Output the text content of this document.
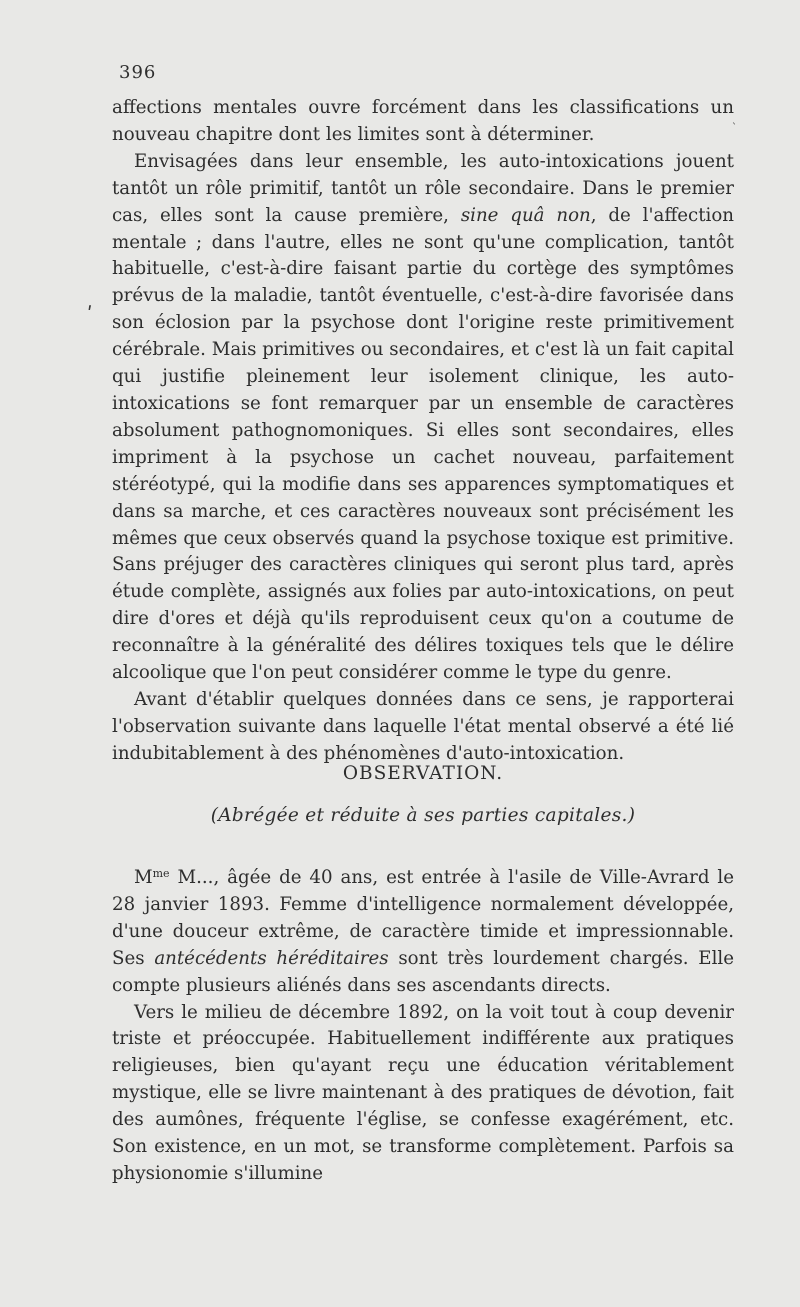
396
ˋ
ʹ

affections mentales ouvre forcément dans les classifications un nouveau chapitre dont les limites sont à déterminer.

Envisagées dans leur ensemble, les auto-intoxications jouent tantôt un rôle primitif, tantôt un rôle secondaire. Dans le premier cas, elles sont la cause première, sine quâ non, de l'affection mentale ; dans l'autre, elles ne sont qu'une complication, tantôt habituelle, c'est-à-dire faisant partie du cortège des symptômes prévus de la maladie, tantôt éventuelle, c'est-à-dire favorisée dans son éclosion par la psychose dont l'origine reste primitivement cérébrale. Mais primitives ou secondaires, et c'est là un fait capital qui justifie pleinement leur isolement clinique, les auto-intoxications se font remarquer par un ensemble de caractères absolument pathognomoniques. Si elles sont secondaires, elles impriment à la psychose un cachet nouveau, parfaitement stéréotypé, qui la modifie dans ses apparences symptomatiques et dans sa marche, et ces caractères nouveaux sont précisément les mêmes que ceux observés quand la psychose toxique est primitive. Sans préjuger des caractères cliniques qui seront plus tard, après étude complète, assignés aux folies par auto-intoxications, on peut dire d'ores et déjà qu'ils reproduisent ceux qu'on a coutume de reconnaître à la généralité des délires toxiques tels que le délire alcoolique que l'on peut considérer comme le type du genre.

Avant d'établir quelques données dans ce sens, je rapporterai l'observation suivante dans laquelle l'état mental observé a été lié indubitablement à des phénomènes d'auto-intoxication.

OBSERVATION.
(Abrégée et réduite à ses parties capitales.)

$M^{me}$ M..., âgée de 40 ans, est entrée à l'asile de Ville-Avrard le 28 janvier 1893. Femme d'intelligence normalement développée, d'une douceur extrême, de caractère timide et impressionnable. Ses antécédents héréditaires sont très lourdement chargés. Elle compte plusieurs aliénés dans ses ascendants directs.

Vers le milieu de décembre 1892, on la voit tout à coup devenir triste et préoccupée. Habituellement indifférente aux pratiques religieuses, bien qu'ayant reçu une éducation véritablement mystique, elle se livre maintenant à des pratiques de dévotion, fait des aumônes, fréquente l'église, se confesse exagérément, etc. Son existence, en un mot, se transforme complètement. Parfois sa physionomie s'illumine
